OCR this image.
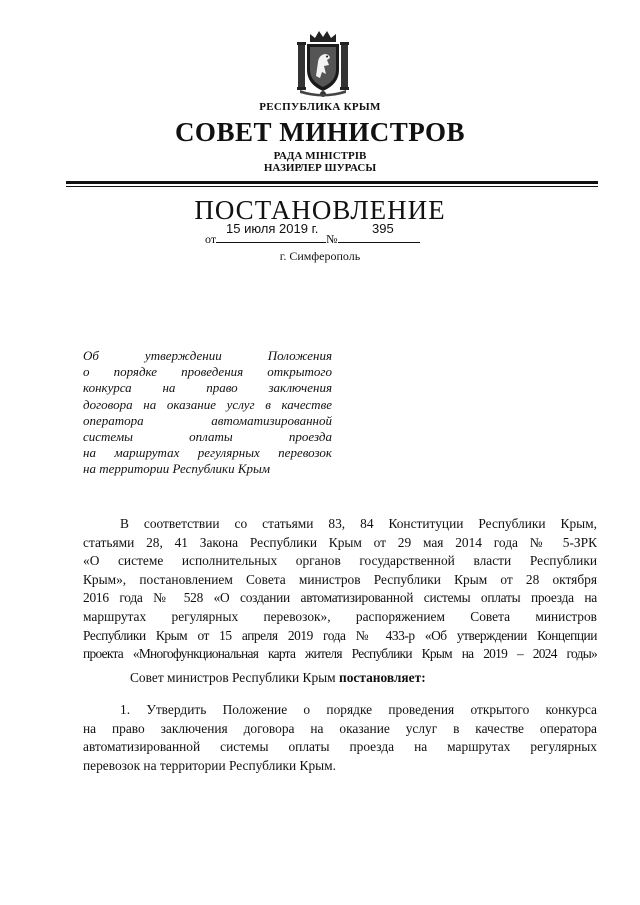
РЕСПУБЛИКА КРЫМ
СОВЕТ МИНИСТРОВ
РАДА МІНІСТРІВ
НАЗИРЛЕР ШУРАСЫ
ПОСТАНОВЛЕНИЕ
15 июля 2019 г.	395
от	№
г. Симферополь
Об утверждении Положения
о порядке проведения открытого
конкурса на право заключения
договора на оказание услуг в качестве
оператора автоматизированной
системы оплаты проезда
на маршрутах регулярных перевозок
на территории Республики Крым
В соответствии со статьями 83, 84 Конституции Республики Крым,
статьями 28, 41 Закона Республики Крым от 29 мая 2014 года № 5-ЗРК
«О системе исполнительных органов государственной власти Республики
Крым», постановлением Совета министров Республики Крым от 28 октября
2016 года № 528 «О создании автоматизированной системы оплаты проезда на
маршрутах регулярных перевозок», распоряжением Совета министров
Республики Крым от 15 апреля 2019 года № 433-р «Об утверждении Концепции
проекта «Многофункциональная карта жителя Республики Крым на 2019 – 2024 годы»
Совет министров Республики Крым постановляет:
1. Утвердить Положение о порядке проведения открытого конкурса
на право заключения договора на оказание услуг в качестве оператора
автоматизированной системы оплаты проезда на маршрутах регулярных
перевозок на территории Республики Крым.
